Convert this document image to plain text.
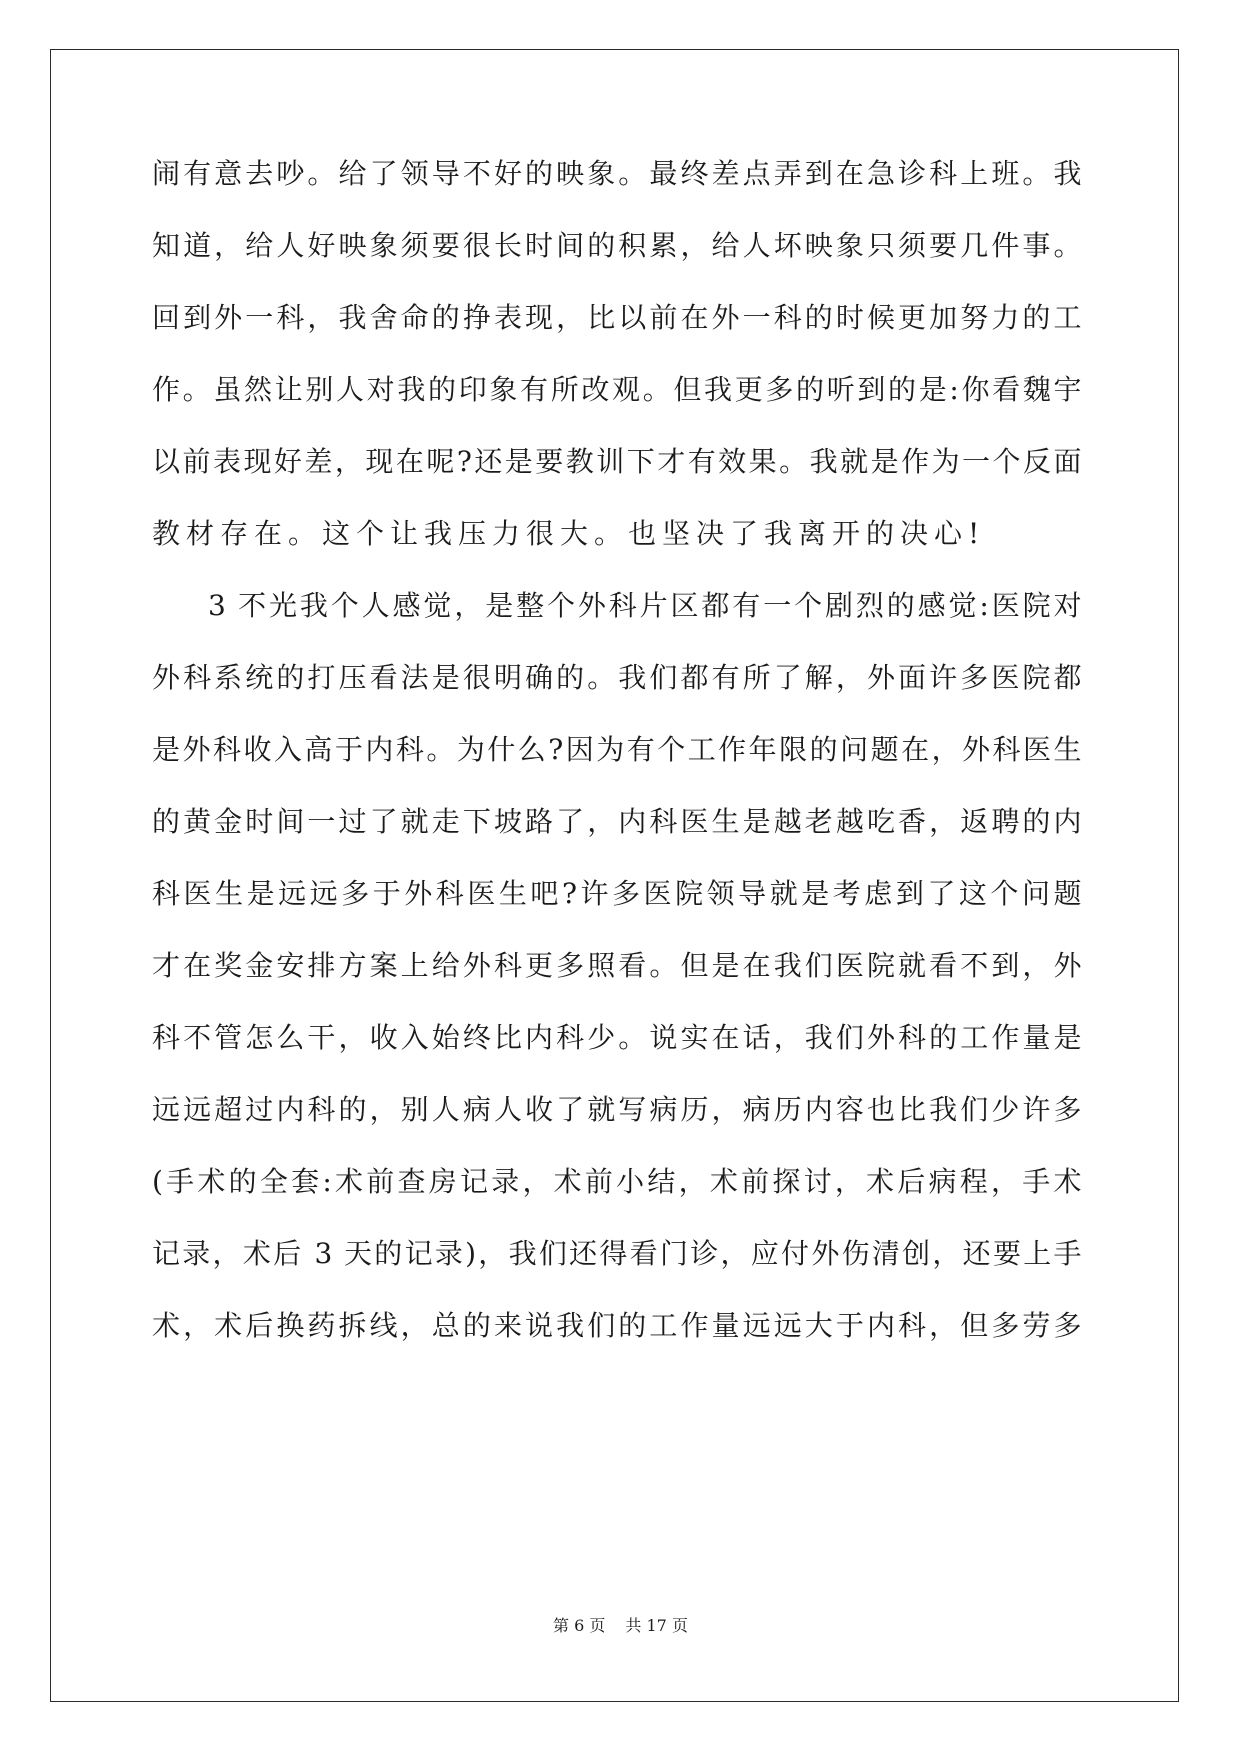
闹有意去吵。给了领导不好的映象。最终差点弄到在急诊科上班。我
知道，给人好映象须要很长时间的积累，给人坏映象只须要几件事。
回到外一科，我舍命的挣表现，比以前在外一科的时候更加努力的工
作。虽然让别人对我的印象有所改观。但我更多的听到的是:你看魏宇
以前表现好差，现在呢?还是要教训下才有效果。我就是作为一个反面
教材存在。这个让我压力很大。也坚决了我离开的决心!
3 不光我个人感觉，是整个外科片区都有一个剧烈的感觉:医院对
外科系统的打压看法是很明确的。我们都有所了解，外面许多医院都
是外科收入高于内科。为什么?因为有个工作年限的问题在，外科医生
的黄金时间一过了就走下坡路了，内科医生是越老越吃香，返聘的内
科医生是远远多于外科医生吧?许多医院领导就是考虑到了这个问题
才在奖金安排方案上给外科更多照看。但是在我们医院就看不到，外
科不管怎么干，收入始终比内科少。说实在话，我们外科的工作量是
远远超过内科的，别人病人收了就写病历，病历内容也比我们少许多
(手术的全套:术前查房记录，术前小结，术前探讨，术后病程，手术
记录，术后 3 天的记录)，我们还得看门诊，应付外伤清创，还要上手
术，术后换药拆线，总的来说我们的工作量远远大于内科，但多劳多
第 6 页 共 17 页
